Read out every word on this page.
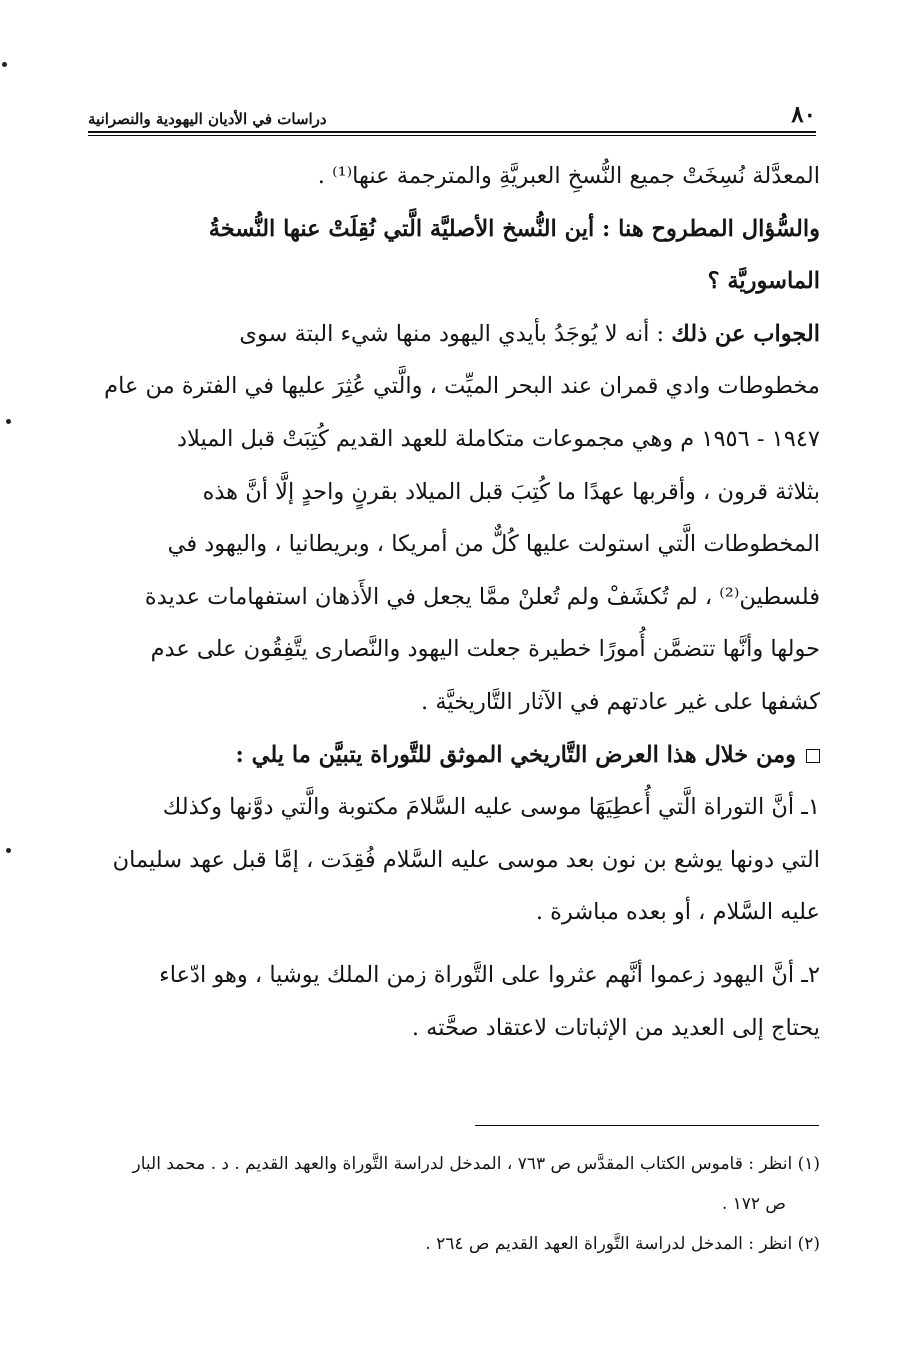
٨٠
دراسات في الأديان اليهودية والنصرانية
المعدَّلة نُسِخَتْ جميع النُّسخِ العبريَّةِ والمترجمة عنها⁽¹⁾ .
والسُّؤال المطروح هنا : أين النُّسخ الأصليَّة الَّتي نُقِلَتْ عنها النُّسخةُ
الماسوريَّة ؟
الجواب عن ذلك : أنه لا يُوجَدُ بأيدي اليهود منها شيء البتة سوى
مخطوطات وادي قمران عند البحر الميِّت ، والَّتي عُثِرَ عليها في الفترة من عام
١٩٤٧ - ١٩٥٦ م وهي مجموعات متكاملة للعهد القديم كُتِبَتْ قبل الميلاد
بثلاثة قرون ، وأقربها عهدًا ما كُتِبَ قبل الميلاد بقرنٍ واحدٍ إلَّا أنَّ هذه
المخطوطات الَّتي استولت عليها كُلٌّ من أمريكا ، وبريطانيا ، واليهود في
فلسطين⁽²⁾ ، لم تُكشَفْ ولم تُعلنْ ممَّا يجعل في الأَذهان استفهامات عديدة
حولها وأنَّها تتضمَّن أُمورًا خطيرة جعلت اليهود والنَّصارى يتَّفِقُون على عدم
كشفها على غير عادتهم في الآثار التَّاريخيَّة .
ومن خلال هذا العرض التَّاريخي الموثق للتَّوراة يتبيَّن ما يلي :
١ـ أنَّ التوراة الَّتي أُعطِيَهَا موسى عليه السَّلامَ مكتوبة والَّتي دوَّنها وكذلك
التي دونها يوشع بن نون بعد موسى عليه السَّلام فُقِدَت ، إمَّا قبل عهد سليمان
عليه السَّلام ، أو بعده مباشرة .
٢ـ أنَّ اليهود زعموا أنَّهم عثروا على التَّوراة زمن الملك يوشيا ، وهو ادّعاء
يحتاج إلى العديد من الإثباتات لاعتقاد صحَّته .
(١) انظر : قاموس الكتاب المقدَّس ص ٧٦٣ ، المدخل لدراسة التَّوراة والعهد القديم . د . محمد البار
ص ١٧٢ .
(٢) انظر : المدخل لدراسة التَّوراة العهد القديم ص ٢٦٤ .
